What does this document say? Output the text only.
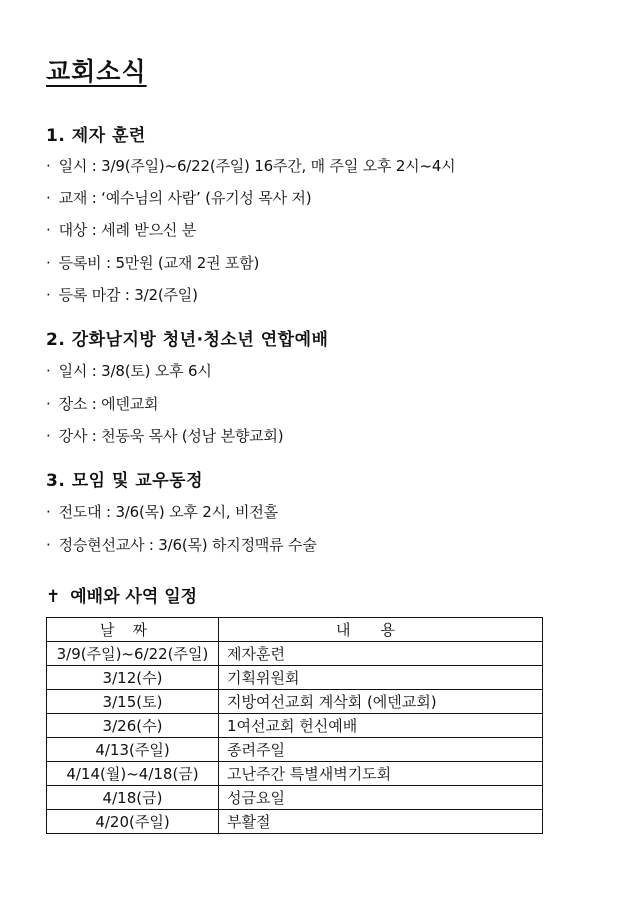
교회소식
1. 제자 훈련
· 일시 : 3/9(주일)~6/22(주일) 16주간, 매 주일 오후 2시~4시
· 교재 : ‘예수님의 사람’ (유기성 목사 저)
· 대상 : 세례 받으신 분
· 등록비 : 5만원 (교재 2권 포함)
· 등록 마감 : 3/2(주일)
2. 강화남지방 청년·청소년 연합예배
· 일시 : 3/8(토) 오후 6시
· 장소 : 에덴교회
· 강사 : 천동욱 목사 (성남 본향교회)
3. 모임 및 교우동정
· 전도대 : 3/6(목) 오후 2시, 비전홀
· 정승현선교사 : 3/6(목) 하지정맥류 수술
✝ 예배와 사역 일정
날짜	내용
3/9(주일)~6/22(주일)	제자훈련
3/12(수)	기획위원회
3/15(토)	지방여선교회 계삭회 (에덴교회)
3/26(수)	1여선교회 헌신예배
4/13(주일)	종려주일
4/14(월)~4/18(금)	고난주간 특별새벽기도회
4/18(금)	성금요일
4/20(주일)	부활절
